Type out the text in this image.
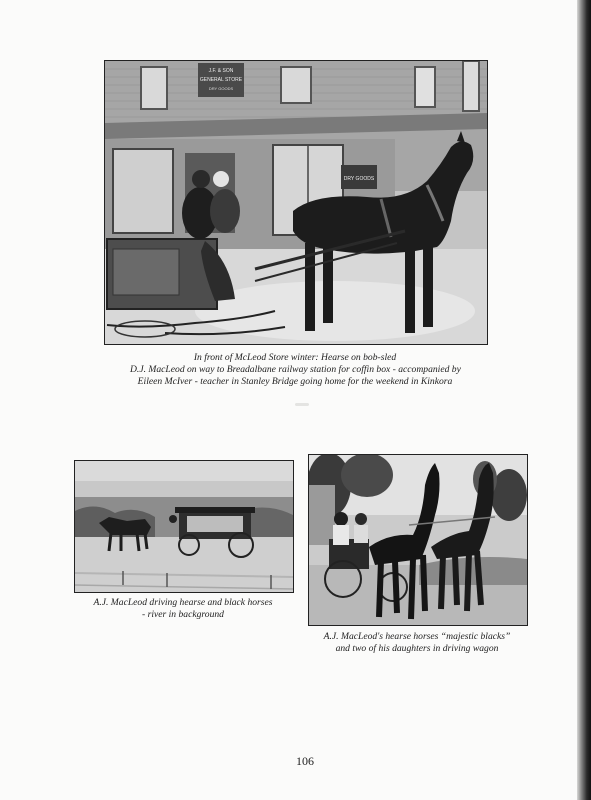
J.F. & SON
GENERAL STORE
DRY GOODS
DRY GOODS
In front of McLeod Store winter: Hearse on bob-sled
D.J. MacLeod on way to Breadalbane railway station for coffin box - accompanied by
Eileen McIver - teacher in Stanley Bridge going home for the weekend in Kinkora
A.J. MacLeod driving hearse and black horses
- river in background
A.J. MacLeod's hearse horses “majestic blacks”
and two of his daughters in driving wagon
106
